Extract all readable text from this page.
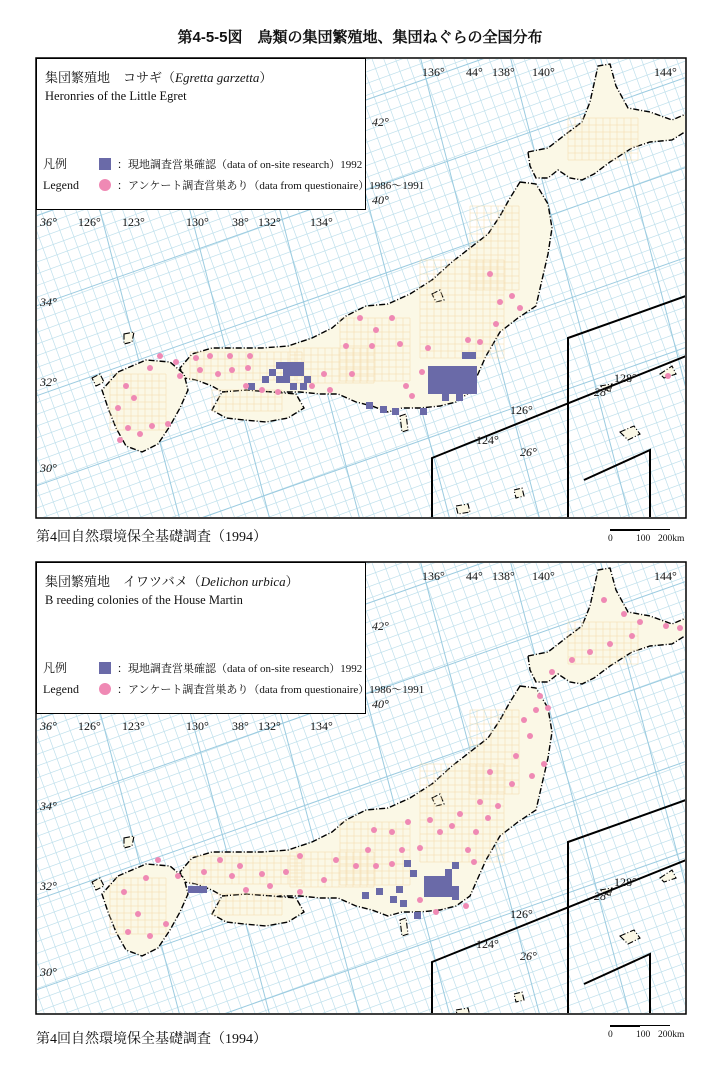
第4-5-5図　鳥類の集団繁殖地、集団ねぐらの全国分布
136°	138° 140°	144°
126° 123°	130°	132° 134°
44°
38°
126°
124°
128°
42°
40°
36°
34°
32°
30°
28°
26°
136°	138° 140°	144°
126° 123°	130°	132° 134°
44°
38°
126°
124°
128°
42°
40°
36°
34°
32°
30°
28°
26°
集団繁殖地　コサギ（Egretta garzetta）
Heronries of the Little Egret
凡例	：現地調査営巣確認（data of on-site research）1992
Legend	：アンケート調査営巣あり（data from questionaire）1986～1991
集団繁殖地　イワツバメ（Delichon urbica）
B reeding colonies of the House Martin
凡例	：現地調査営巣確認（data of on-site research）1992
Legend	：アンケート調査営巣あり（data from questionaire）1986～1991
第4回自然環境保全基礎調査（1994）
第4回自然環境保全基礎調査（1994）
0 100 200km
0 100 200km
